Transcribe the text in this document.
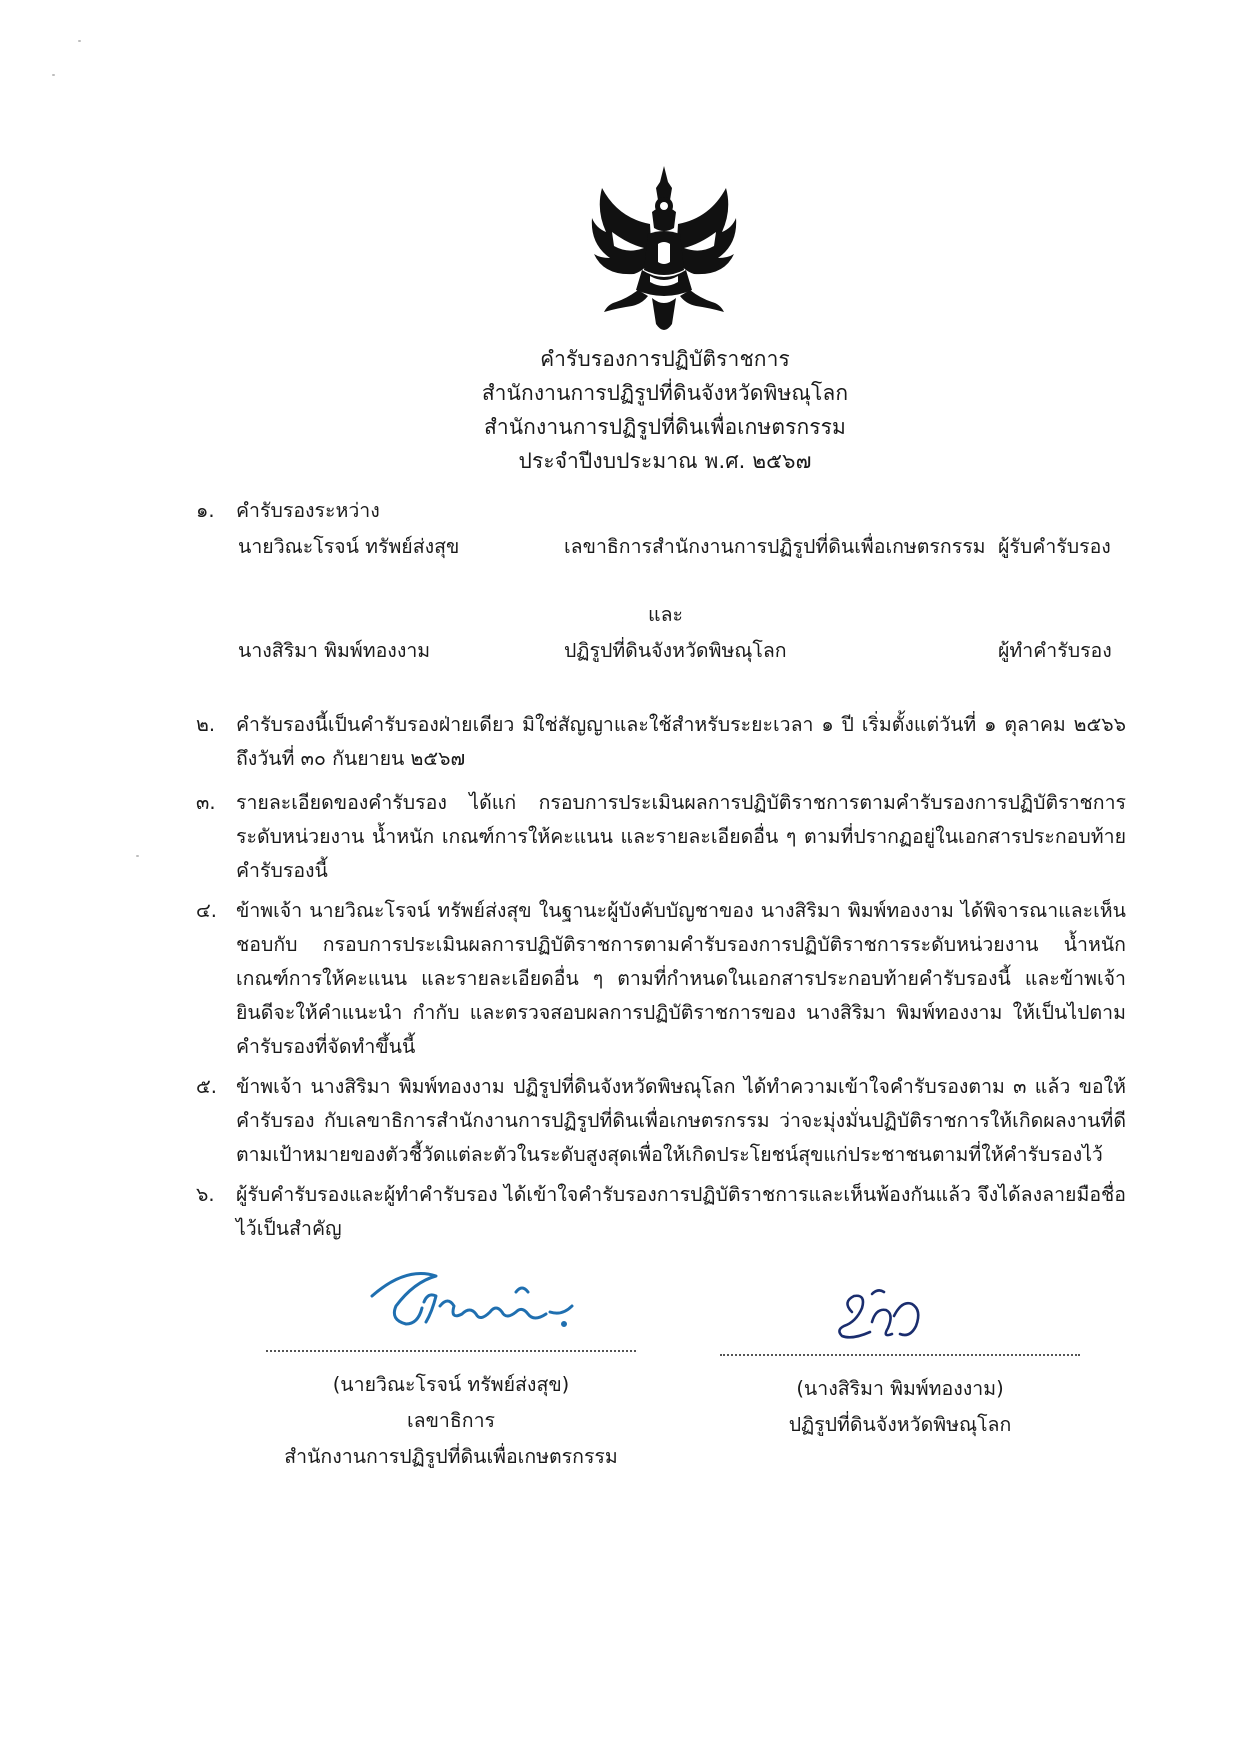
คำรับรองการปฏิบัติราชการ
สำนักงานการปฏิรูปที่ดินจังหวัดพิษณุโลก
สำนักงานการปฏิรูปที่ดินเพื่อเกษตรกรรม
ประจำปีงบประมาณ พ.ศ. ๒๕๖๗
๑.	คำรับรองระหว่าง
นายวิณะโรจน์ ทรัพย์ส่งสุข	เลขาธิการสำนักงานการปฏิรูปที่ดินเพื่อเกษตรกรรม ผู้รับคำรับรอง
และ
นางสิริมา พิมพ์ทองงาม	ปฏิรูปที่ดินจังหวัดพิษณุโลก	ผู้ทำคำรับรอง
๒.	คำรับรองนี้เป็นคำรับรองฝ่ายเดียว มิใช่สัญญาและใช้สำหรับระยะเวลา ๑ ปี เริ่มตั้งแต่วันที่ ๑ ตุลาคม ๒๕๖๖ ถึงวันที่ ๓๐ กันยายน ๒๕๖๗
๓.	รายละเอียดของคำรับรอง ได้แก่ กรอบการประเมินผลการปฏิบัติราชการตามคำรับรองการปฏิบัติราชการระดับหน่วยงาน น้ำหนัก เกณฑ์การให้คะแนน และรายละเอียดอื่น ๆ ตามที่ปรากฏอยู่ในเอกสารประกอบท้ายคำรับรองนี้
๔. ข้าพเจ้า นายวิณะโรจน์ ทรัพย์ส่งสุข ในฐานะผู้บังคับบัญชาของ นางสิริมา พิมพ์ทองงาม ได้พิจารณาและเห็นชอบกับ กรอบการประเมินผลการปฏิบัติราชการตามคำรับรองการปฏิบัติราชการระดับหน่วยงาน น้ำหนัก เกณฑ์การให้คะแนน และรายละเอียดอื่น ๆ ตามที่กำหนดในเอกสารประกอบท้ายคำรับรองนี้ และข้าพเจ้ายินดีจะให้คำแนะนำ กำกับ และตรวจสอบผลการปฏิบัติราชการของ นางสิริมา พิมพ์ทองงาม ให้เป็นไปตามคำรับรองที่จัดทำขึ้นนี้
๕. ข้าพเจ้า นางสิริมา พิมพ์ทองงาม ปฏิรูปที่ดินจังหวัดพิษณุโลก ได้ทำความเข้าใจคำรับรองตาม ๓ แล้ว ขอให้คำรับรอง กับเลขาธิการสำนักงานการปฏิรูปที่ดินเพื่อเกษตรกรรม ว่าจะมุ่งมั่นปฏิบัติราชการให้เกิดผลงานที่ดีตามเป้าหมายของตัวชี้วัดแต่ละตัวในระดับสูงสุดเพื่อให้เกิดประโยชน์สุขแก่ประชาชนตามที่ให้คำรับรองไว้
๖.	ผู้รับคำรับรองและผู้ทำคำรับรอง ได้เข้าใจคำรับรองการปฏิบัติราชการและเห็นพ้องกันแล้ว จึงได้ลงลายมือชื่อไว้เป็นสำคัญ
(นายวิณะโรจน์ ทรัพย์ส่งสุข)
เลขาธิการ
สำนักงานการปฏิรูปที่ดินเพื่อเกษตรกรรม
(นางสิริมา พิมพ์ทองงาม)
ปฏิรูปที่ดินจังหวัดพิษณุโลก
